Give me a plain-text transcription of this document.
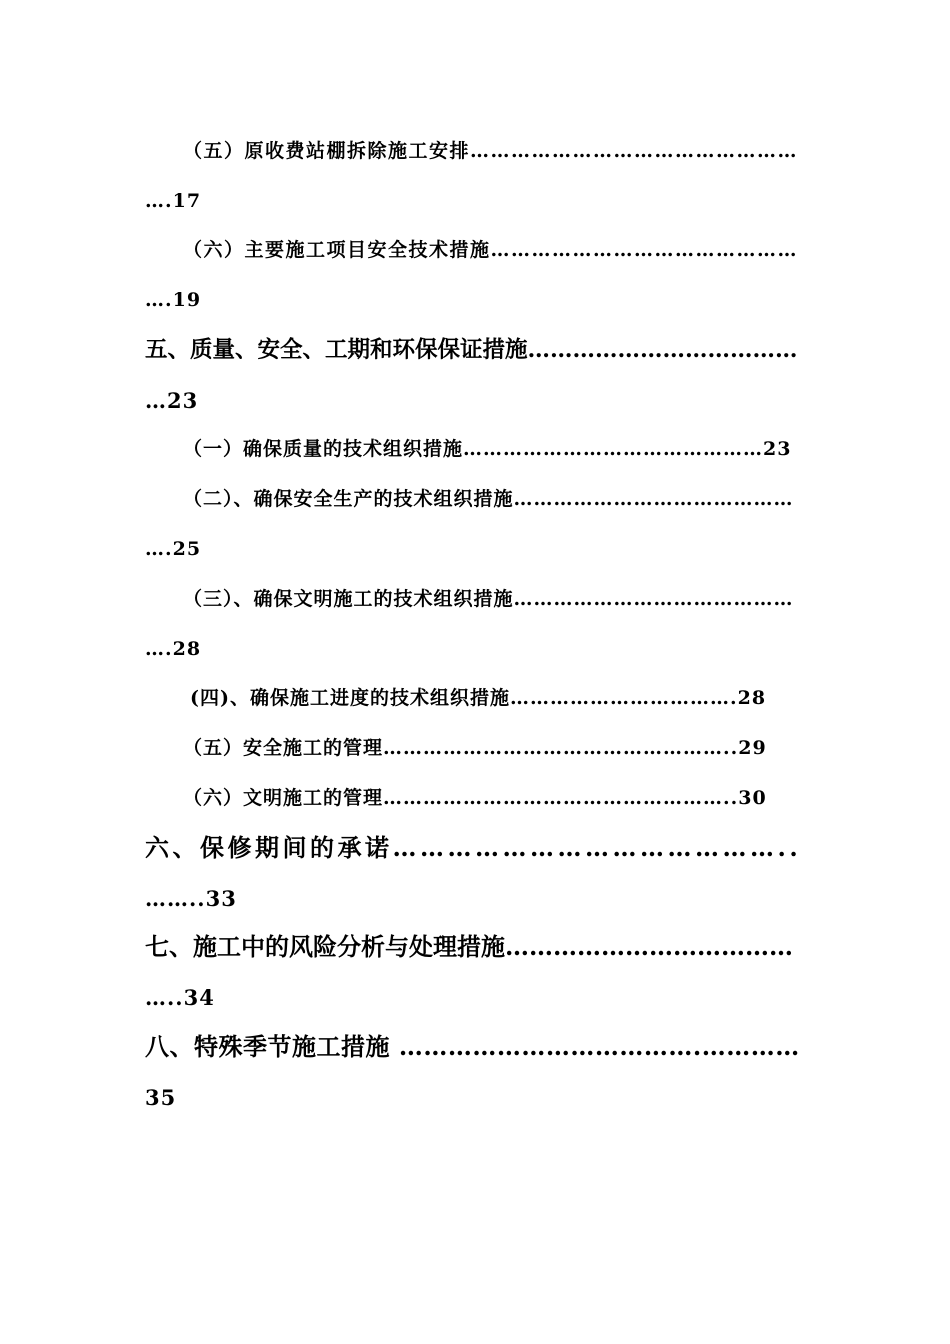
（五）原收费站棚拆除施工安排…………………………………………
….17
（六）主要施工项目安全技术措施………………………………………
….19
五、质量、安全、工期和环保保证措施………………………………
…23
（一）确保质量的技术组织措施………………………………………23
（二）、确保安全生产的技术组织措施……………………………………
….25
（三）、确保文明施工的技术组织措施……………………………………
….28
(四)、确保施工进度的技术组织措施…………………………….28
（五）安全施工的管理……………………………………………..29
（六）文明施工的管理……………………………………………..30
六、保修期间的承诺……………………………………..
……..33
七、施工中的风险分析与处理措施………………………………
…..34
八、特殊季节施工措施 ……………………………….…………
35
